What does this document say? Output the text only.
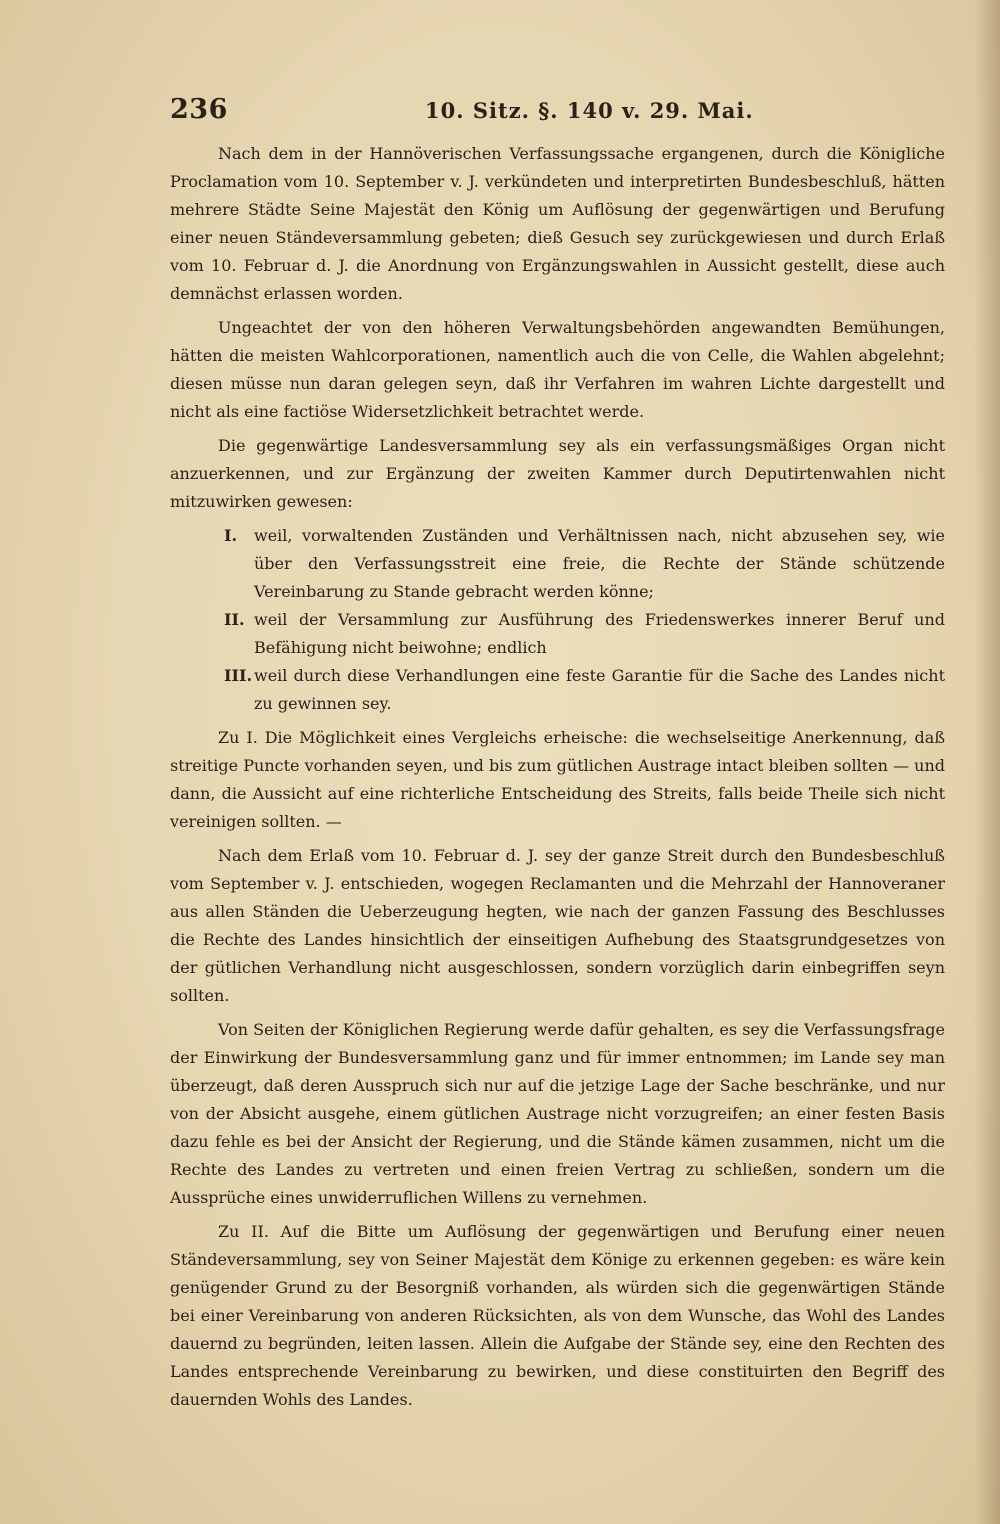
236	10. Sitz. §. 140 v. 29. Mai.

Nach dem in der Hannöverischen Verfassungssache ergangenen, durch die Königliche Proclamation vom 10. September v. J. verkündeten und interpretirten Bundesbeschluß, hätten mehrere Städte Seine Majestät den König um Auflösung der gegenwärtigen und Berufung einer neuen Ständeversammlung gebeten; dieß Gesuch sey zurückgewiesen und durch Erlaß vom 10. Februar d. J. die Anordnung von Ergänzungswahlen in Aussicht gestellt, diese auch demnächst erlassen worden.

Ungeachtet der von den höheren Verwaltungsbehörden angewandten Bemühungen, hätten die meisten Wahlcorporationen, namentlich auch die von Celle, die Wahlen abgelehnt; diesen müsse nun daran gelegen seyn, daß ihr Verfahren im wahren Lichte dargestellt und nicht als eine factiöse Widersetzlichkeit betrachtet werde.

Die gegenwärtige Landesversammlung sey als ein verfassungsmäßiges Organ nicht anzuerkennen, und zur Ergänzung der zweiten Kammer durch Deputirtenwahlen nicht mitzuwirken gewesen:

I. weil, vorwaltenden Zuständen und Verhältnissen nach, nicht abzusehen sey, wie über den Verfassungsstreit eine freie, die Rechte der Stände schützende Vereinbarung zu Stande gebracht werden könne;
II. weil der Versammlung zur Ausführung des Friedenswerkes innerer Beruf und Befähigung nicht beiwohne; endlich
III. weil durch diese Verhandlungen eine feste Garantie für die Sache des Landes nicht zu gewinnen sey.

Zu I. Die Möglichkeit eines Vergleichs erheische: die wechselseitige Anerkennung, daß streitige Puncte vorhanden seyen, und bis zum gütlichen Austrage intact bleiben sollten — und dann, die Aussicht auf eine richterliche Entscheidung des Streits, falls beide Theile sich nicht vereinigen sollten. —

Nach dem Erlaß vom 10. Februar d. J. sey der ganze Streit durch den Bundesbeschluß vom September v. J. entschieden, wogegen Reclamanten und die Mehrzahl der Hannoveraner aus allen Ständen die Ueberzeugung hegten, wie nach der ganzen Fassung des Beschlusses die Rechte des Landes hinsichtlich der einseitigen Aufhebung des Staatsgrundgesetzes von der gütlichen Verhandlung nicht ausgeschlossen, sondern vorzüglich darin einbegriffen seyn sollten.

Von Seiten der Königlichen Regierung werde dafür gehalten, es sey die Verfassungsfrage der Einwirkung der Bundesversammlung ganz und für immer entnommen; im Lande sey man überzeugt, daß deren Ausspruch sich nur auf die jetzige Lage der Sache beschränke, und nur von der Absicht ausgehe, einem gütlichen Austrage nicht vorzugreifen; an einer festen Basis dazu fehle es bei der Ansicht der Regierung, und die Stände kämen zusammen, nicht um die Rechte des Landes zu vertreten und einen freien Vertrag zu schließen, sondern um die Aussprüche eines unwiderruflichen Willens zu vernehmen.

Zu II. Auf die Bitte um Auflösung der gegenwärtigen und Berufung einer neuen Ständeversammlung, sey von Seiner Majestät dem Könige zu erkennen gegeben: es wäre kein genügender Grund zu der Besorgniß vorhanden, als würden sich die gegenwärtigen Stände bei einer Vereinbarung von anderen Rücksichten, als von dem Wunsche, das Wohl des Landes dauernd zu begründen, leiten lassen. Allein die Aufgabe der Stände sey, eine den Rechten des Landes entsprechende Vereinbarung zu bewirken, und diese constituirten den Begriff des dauernden Wohls des Landes.
